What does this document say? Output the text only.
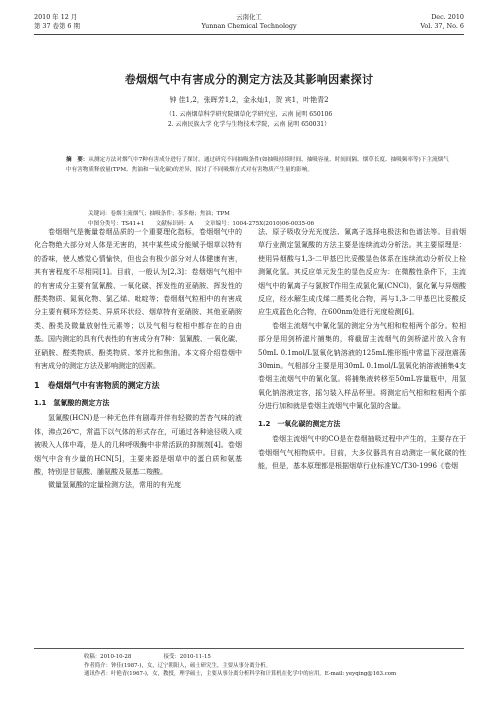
2010 年 12 月
第 37 卷第 6 期
云南化工
Yunnan Chemical Technology
Dec. 2010
Vol. 37, No. 6
卷烟烟气中有害成分的测定方法及其影响因素探讨
钟 佳1,2，张晖芳1,2，金永灿1，贺 宾1，叶艳青2
（1. 云南烟草科学研究院烟草化学研究室，云南 昆明 650106
2. 云南民族大学 化学与生物技术学院，云南 昆明 650031）
摘　要：从测定方法对烟气中7种有害成分进行了探讨。通过研究不同抽吸条件(如抽吸持续时间、抽吸容量、时间间隔、烟草长度、抽吸频率等)下主流烟气中有害物质释放量(TPM、焦油和一氧化碳)的差异，探讨了不同吸烟方式对有害物质产生量的影响。
关键词：卷烟主流烟气；抽吸条件；茶多酚；焦油；TPM
中图分类号：TS41+1　　文献标识码：A　　文章编号：1004-275X(2010)06-0035-06

卷烟烟气是衡量卷烟品质的一个重要理化指标，卷烟烟气中的化合物绝大部分对人体是无害的，其中某些成分能赋予烟草以特有的香味，使人感觉心情愉快，但也会有极少部分对人体健康有害，其有害程度不尽相同[1]。目前，一般认为[2,3]：卷烟烟气气相中的有害成分主要有氢氰酸、一氧化碳、挥发性的亚硝胺、挥发性的醛类物质、氮氧化物、氯乙烯、吡啶等；卷烟烟气粒相中的有害成分主要有稠环芳烃类、异质环状烃、烟草特有亚硝胺、其他亚硝胺类、酚类及微量放射性元素等；以及气相与粒相中都存在的自由基。国内测定的具有代表性的有害成分有7种：氢氰酸、一氧化碳、亚硝胺、醛类物质、酚类物质、苯并比和焦油。本文将介绍卷烟中有害成分的测定方法及影响测定的因素。

1　卷烟烟气中有害物质的测定方法
1.1　氢氰酸的测定方法

氢氰酸(HCN)是一种无色伴有剧毒并伴有轻微的苦杏气味的液体，沸点26℃，常温下以气体的形式存在，可通过各种途径吸入或被吸入人体中毒，是人的几种呼吸酶中非常活跃的抑制剂[4]。卷烟烟气中含有少量的HCN[5]，主要来源是烟草中的蛋白质和氨基酸，特别是甘氨酸、脯氨酸及氨基二羧酸。

微量氢氰酸的定量检测方法，常用的有光度

法、原子吸收分光光度法、氰离子选择电极法和色谱法等。目前烟草行业测定氢氰酸的方法主要是连续流动分析法。其主要原理是：使用异烟酸与1,3-二甲基巴比妥酸显色体系在连续流动分析仪上检测氰化氢。其反应单元发生的显色反应为：在微酸性条件下，主流烟气中的氰离子与氯胺T作用生成氯化氰(CNCl)，氯化氰与异烟酸反应，经水解生成戊烯二醛类化合物，再与1,3-二甲基巴比妥酸反应生成蓝色化合物，在600nm处进行光度检测[6]。

卷烟主流烟气中氰化氢的测定分为气相和粒相两个部分。粒相部分是用剑桥滤片捕集的，将截留主流烟气的剑桥滤片放入含有50mL 0.1mol/L氢氧化钠溶液的125mL锥形瓶中常温下浸泡震荡30min。气相部分主要是用30mL 0.1mol/L氢氧化钠溶液捕集4支卷烟主流烟气中的氰化氢。将捕集液转移至50mL容量瓶中，用氢氧化钠溶液定容，摇匀装入样品杯里。将测定后气相和粒相两个部分进行加和就是卷烟主流烟气中氰化氢的含量。

1.2　一氧化碳的测定方法

卷烟主流烟气中的CO是在卷烟抽吸过程中产生的，主要存在于卷烟烟气气相物质中。目前，大多仪器具有自动测定一氧化碳的性能，但是，基本原理都是根据烟草行业标准YC/T30-1996《卷烟

收稿：2010-10-28　　　　　　接受：2010-11-15
作者简介：钟佳(1987-)，女，辽宁朝阳人，硕士研究生，主要从事分离分析。
通讯作者：叶艳青(1967-)，女，教授，理学硕士，主要从事分离分析科学和计算机在化学中的应用。E-mail: yeyqing@163.com
